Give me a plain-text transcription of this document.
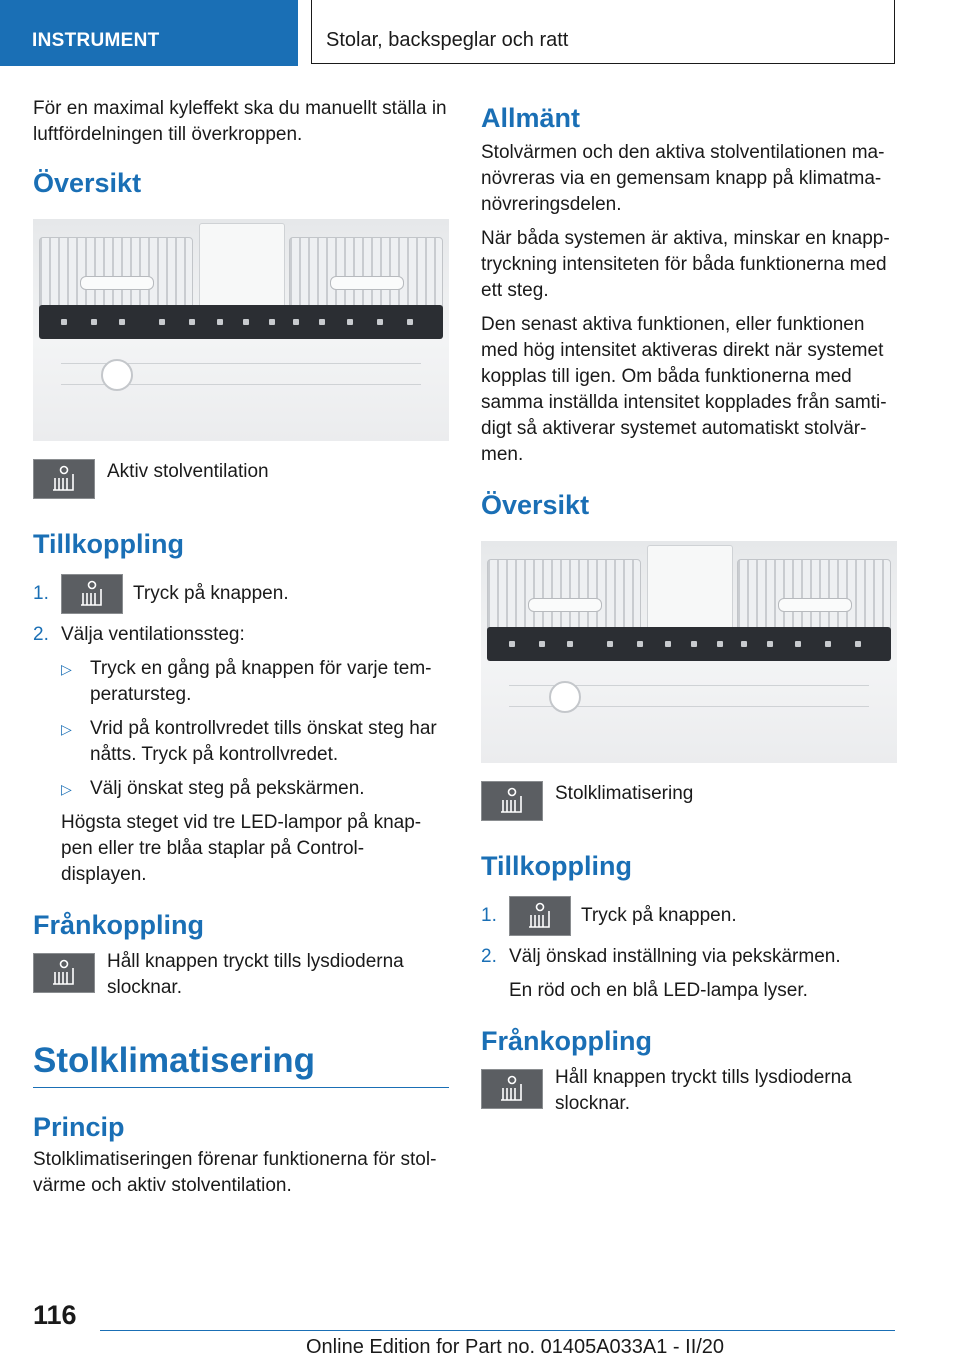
INSTRUMENT	Stolar, backspeglar och ratt

För en maximal kyleffekt ska du manuellt ställa in luftfördelningen till överkroppen.

Översikt
Aktiv stolventilation
Tillkoppling
1.	Tryck på knappen.
2. Välja ventilationssteg:
▷ Tryck en gång på knappen för varje tem-peratursteg.
▷ Vrid på kontrollvredet tills önskat steg har nåtts. Tryck på kontrollvredet.
▷ Välj önskat steg på pekskärmen.

Högsta steget vid tre LED-lampor på knap-pen eller tre blåa staplar på Control-displayen.

Frånkoppling
Håll knappen tryckt tills lysdioderna slocknar.
Stolklimatisering
Princip

Stolklimatiseringen förenar funktionerna för stol-värme och aktiv stolventilation.

Allmänt

Stolvärmen och den aktiva stolventilationen ma-növreras via en gemensam knapp på klimatma-növreringsdelen.

När båda systemen är aktiva, minskar en knapp-tryckning intensiteten för båda funktionerna med ett steg.

Den senast aktiva funktionen, eller funktionen med hög intensitet aktiveras direkt när systemet kopplas till igen. Om båda funktionerna med samma inställda intensitet kopplades från samti-digt så aktiverar systemet automatiskt stolvär-men.

Översikt
Stolklimatisering
Tillkoppling
1.	Tryck på knappen.
2. Välj önskad inställning via pekskärmen.

En röd och en blå LED-lampa lyser.

Frånkoppling
Håll knappen tryckt tills lysdioderna slocknar.
116
Online Edition for Part no. 01405A033A1 - II/20
